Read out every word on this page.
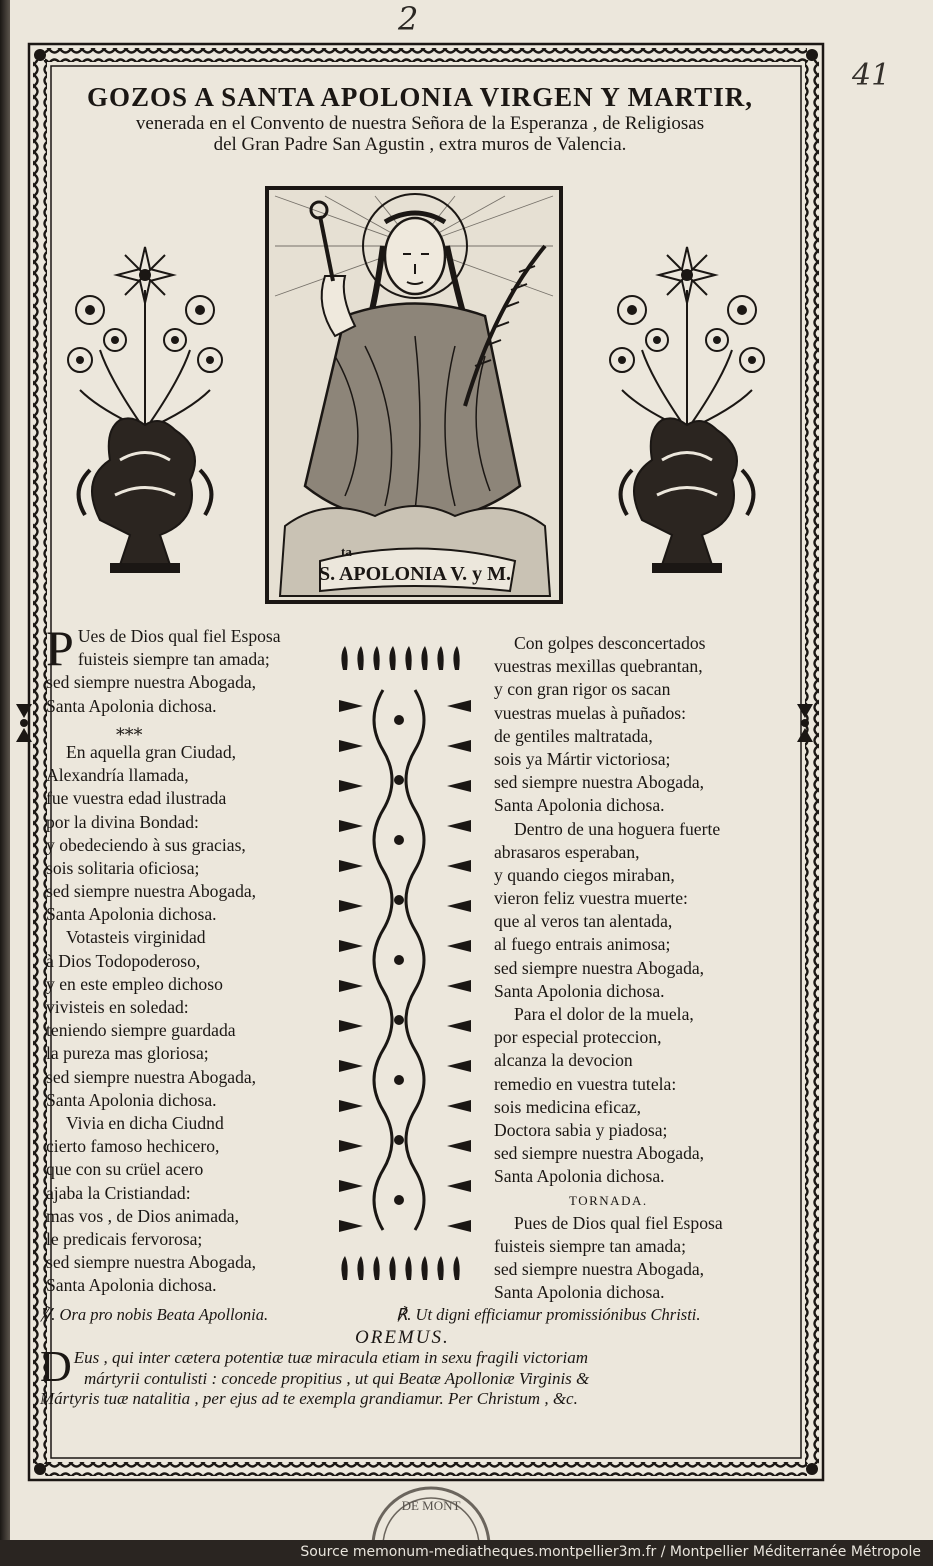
2
41
GOZOS A SANTA APOLONIA VIRGEN Y MARTIR,
venerada en el Convento de nuestra Señora de la Esperanza , de Religiosas
del Gran Padre San Agustin , extra muros de Valencia.
ta
S. APOLONIA V. y M.
P Ues de Dios qual fiel Esposa
fuisteis siempre tan amada;
sed siempre nuestra Abogada,
Santa Apolonia dichosa.
⁎⁎⁎
En aquella gran Ciudad,
Alexandría llamada,
fue vuestra edad ilustrada
por la divina Bondad:
y obedeciendo à sus gracias,
sois solitaria oficiosa;
sed siempre nuestra Abogada,
Santa Apolonia dichosa.
Votasteis virginidad
à Dios Todopoderoso,
y en este empleo dichoso
vivisteis en soledad:
teniendo siempre guardada
la pureza mas gloriosa;
sed siempre nuestra Abogada,
Santa Apolonia dichosa.
Vivia en dicha Ciudnd
cierto famoso hechicero,
que con su crüel acero
ajaba la Cristiandad:
mas vos , de Dios animada,
le predicais fervorosa;
sed siempre nuestra Abogada,
Santa Apolonia dichosa.
Con golpes desconcertados
vuestras mexillas quebrantan,
y con gran rigor os sacan
vuestras muelas à puñados:
de gentiles maltratada,
sois ya Mártir victoriosa;
sed siempre nuestra Abogada,
Santa Apolonia dichosa.
Dentro de una hoguera fuerte
abrasaros esperaban,
y quando ciegos miraban,
vieron feliz vuestra muerte:
que al veros tan alentada,
al fuego entrais animosa;
sed siempre nuestra Abogada,
Santa Apolonia dichosa.
Para el dolor de la muela,
por especial proteccion,
alcanza la devocion
remedio en vuestra tutela:
sois medicina eficaz,
Doctora sabia y piadosa;
sed siempre nuestra Abogada,
Santa Apolonia dichosa.
TORNADA.
Pues de Dios qual fiel Esposa
fuisteis siempre tan amada;
sed siempre nuestra Abogada,
Santa Apolonia dichosa.
℣. Ora pro nobis Beata Apollonia.	℟. Ut digni efficiamur promissiónibus Christi.
OREMUS.
D Eus , qui inter cætera potentiæ tuæ miracula etiam in sexu fragili victoriam
mártyrii contulisti : concede propitius , ut qui Beatæ Apolloniæ Virginis &
Mártyris tuæ natalitia , per ejus ad te exempla grandiamur. Per Christum , &c.
DE MONT
Source memonum-mediatheques.montpellier3m.fr / Montpellier Méditerranée Métropole
